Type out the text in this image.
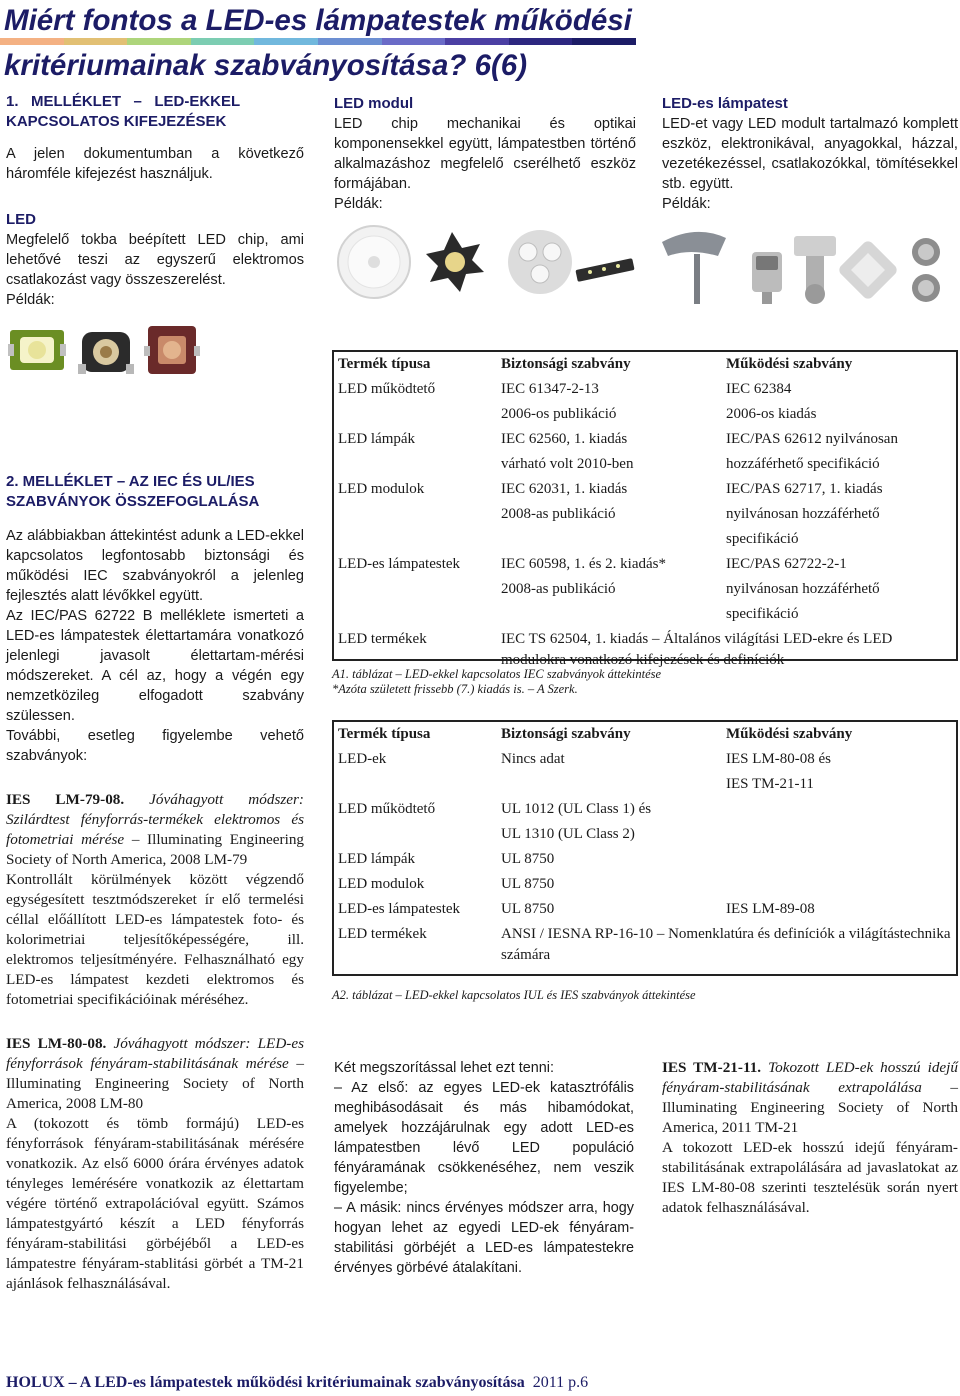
Miért fontos a LED-es lámpatestek működési
kritériumainak szabványosítása? 6(6)

1.   MELLÉKLET   –   LED-EKKEL
KAPCSOLATOS KIFEJEZÉSEK

A jelen dokumentumban a következő háromféle kifejezést használjuk.

LED

Megfelelő tokba beépített LED chip, ami lehetővé teszi az egyszerű elektromos csatlakozást vagy összeszerelést.

Példák:

LED modul

LED chip mechanikai és optikai komponensekkel együtt, lámpatestben történő alkalmazáshoz megfelelő cserélhető eszköz formájában.

Példák:

LED-es lámpatest

LED-et vagy LED modult tartalmazó komplett eszköz, elektronikával, anyagokkal, házzal, vezetékezéssel, csatlakozókkal, tömítésekkel stb. együtt.

Példák:

2. MELLÉKLET – AZ IEC ÉS UL/IES
SZABVÁNYOK ÖSSZEFOGLALÁSA

Az alábbiakban áttekintést adunk a LED-ekkel kapcsolatos legfontosabb biztonsági és működési IEC szabványokról a jelenleg fejlesztés alatt lévőkkel együtt.

Az IEC/PAS 62722 B melléklete ismerteti a LED-es lámpatestek élettartamára vonatkozó jelenlegi javasolt élettartam-mérési módszereket. A cél az, hogy a végén egy nemzetközileg elfogadott szabvány szülessen.

További, esetleg figyelembe vehető szabványok:

IES LM-79-08. Jóváhagyott módszer: Szilárdtest fényforrás-termékek elektromos és fotometriai mérése – Illuminating Engineering Society of North America, 2008 LM-79

Kontrollált körülmények között végzendő egységesített tesztmódszereket ír elő termelési céllal előállított LED-es lámpatestek foto- és kolorimetriai teljesítőképességére, ill. elektromos teljesítményére. Felhasználható egy LED-es lámpatest kezdeti elektromos és fotometriai specifikációinak méréséhez.

IES LM-80-08. Jóváhagyott módszer: LED-es fényforrások fényáram-stabilitásának mérése – Illuminating Engineering Society of North America, 2008 LM-80

A (tokozott és tömb formájú) LED-es fényforrások fényáram-stabilitásának mérésére vonatkozik. Az első 6000 órára érvényes adatok tényleges lemérésére vonatkozik az élettartam végére történő extrapolációval együtt. Számos lámpatestgyártó készít a LED fényforrás fényáram-stabilitási görbéjéből a LED-es lámpatestre fényáram-stablitási görbét a TM-21 ajánlások felhasználásával.

Termék típusa	Biztonsági szabvány	Működési szabvány
LED működtető	IEC 61347-2-13	IEC 62384
	2006-os publikáció	2006-os kiadás
LED lámpák	IEC 62560, 1. kiadás	IEC/PAS 62612 nyilvánosan
	várható volt 2010-ben	hozzáférhető specifikáció
LED modulok	IEC 62031, 1. kiadás	IEC/PAS 62717, 1. kiadás
	2008-as publikáció	nyilvánosan hozzáférhető
		specifikáció
LED-es lámpatestek	IEC 60598, 1. és 2. kiadás*	IEC/PAS 62722-2-1
	2008-as publikáció	nyilvánosan hozzáférhető
		specifikáció
LED termékek	IEC TS 62504, 1. kiadás – Általános világítási LED-ekre és LED modulokra vonatkozó kifejezések és definíciók	
A1. táblázat – LED-ekkel kapcsolatos IEC szabványok áttekintése
*Azóta született frissebb (7.) kiadás is. – A Szerk.
Termék típusa	Biztonsági szabvány	Működési szabvány
LED-ek	Nincs adat	IES LM-80-08 és
		IES TM-21-11
LED működtető	UL 1012 (UL Class 1) és	
	UL 1310 (UL Class 2)	
LED lámpák	UL 8750	
LED modulok	UL 8750	
LED-es lámpatestek	UL 8750	IES LM-89-08
LED termékek	ANSI / IESNA RP-16-10 – Nomenklatúra és definíciók a világítástechnika számára	
A2. táblázat – LED-ekkel kapcsolatos IUL és IES szabványok áttekintése

Két megszorítással lehet ezt tenni:

– Az első: az egyes LED-ek katasztrófális meghibásodásait és más hibamódokat, amelyek hozzájárulnak egy adott LED-es lámpatestben lévő LED populáció fényáramának csökkenéséhez, nem veszik figyelembe;

– A másik: nincs érvényes módszer arra, hogy hogyan lehet az egyedi LED-ek fényáram-stabilitási görbéjét a LED-es lámpatestekre érvényes görbévé átalakítani.

IES TM-21-11. Tokozott LED-ek hosszú idejű fényáram-stabilitásának extrapolálása – Illuminating Engineering Society of North America, 2011 TM-21

A tokozott LED-ek hosszú idejű fényáram-stabilitásának extrapolálására ad javaslatokat az IES LM-80-08 szerinti tesztelésük során nyert adatok felhasználásával.

HOLUX – A LED-es lámpatestek működési kritériumainak szabványosítása 2011 p.6
